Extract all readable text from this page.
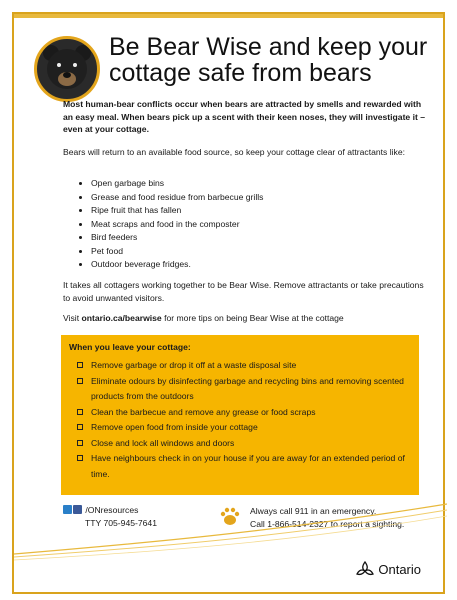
Be Bear Wise and keep your cottage safe from bears
Most human-bear conflicts occur when bears are attracted by smells and rewarded with an easy meal. When bears pick up a scent with their keen noses, they will investigate it – even at your cottage.
Bears will return to an available food source, so keep your cottage clear of attractants like:
• Open garbage bins
• Grease and food residue from barbecue grills
• Ripe fruit that has fallen
• Meat scraps and food in the composter
• Bird feeders
• Pet food
• Outdoor beverage fridges.
It takes all cottagers working together to be Bear Wise. Remove attractants or take precautions to avoid unwanted visitors.
Visit ontario.ca/bearwise for more tips on being Bear Wise at the cottage
When you leave your cottage:
Remove garbage or drop it off at a waste disposal site
Eliminate odours by disinfecting garbage and recycling bins and removing scented products from the outdoors
Clean the barbecue and remove any grease or food scraps
Remove open food from inside your cottage
Close and lock all windows and doors
Have neighbours check in on your house if you are away for an extended period of time.
/ONresources
TTY 705-945-7641
Always call 911 in an emergency.
Call 1-866-514-2327 to report a sighting.
Ontario
